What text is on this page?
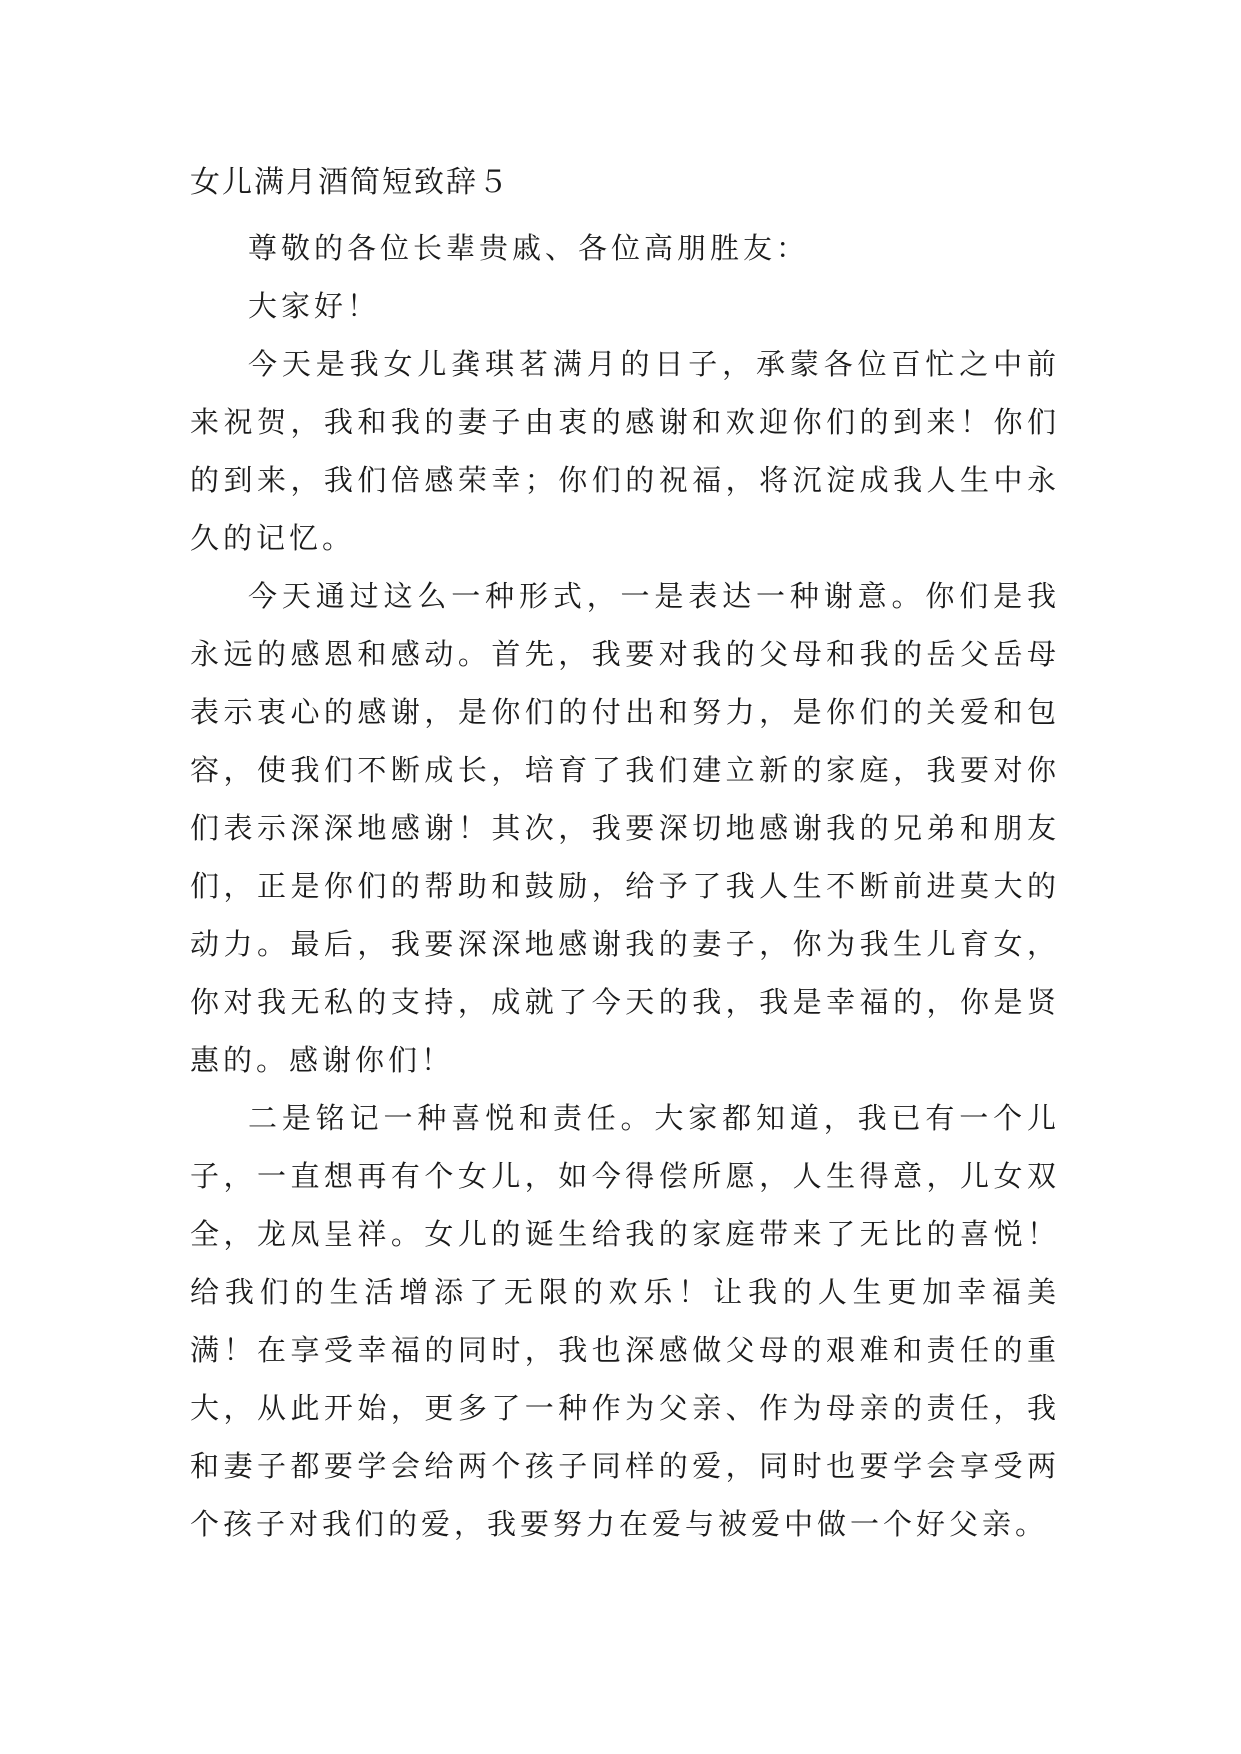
女儿满月酒简短致辞５

尊敬的各位长辈贵戚、各位高朋胜友：

大家好！

今天是我女儿龚琪茗满月的日子，承蒙各位百忙之中前来祝贺，我和我的妻子由衷的感谢和欢迎你们的到来！你们的到来，我们倍感荣幸；你们的祝福，将沉淀成我人生中永久的记忆。

今天通过这么一种形式，一是表达一种谢意。你们是我永远的感恩和感动。首先，我要对我的父母和我的岳父岳母表示衷心的感谢，是你们的付出和努力，是你们的关爱和包容，使我们不断成长，培育了我们建立新的家庭，我要对你们表示深深地感谢！其次，我要深切地感谢我的兄弟和朋友们，正是你们的帮助和鼓励，给予了我人生不断前进莫大的动力。最后，我要深深地感谢我的妻子，你为我生儿育女，你对我无私的支持，成就了今天的我，我是幸福的，你是贤惠的。感谢你们！

二是铭记一种喜悦和责任。大家都知道，我已有一个儿子，一直想再有个女儿，如今得偿所愿，人生得意，儿女双全，龙凤呈祥。女儿的诞生给我的家庭带来了无比的喜悦！给我们的生活增添了无限的欢乐！让我的人生更加幸福美满！在享受幸福的同时，我也深感做父母的艰难和责任的重大，从此开始，更多了一种作为父亲、作为母亲的责任，我和妻子都要学会给两个孩子同样的爱，同时也要学会享受两个孩子对我们的爱，我要努力在爱与被爱中做一个好父亲。
